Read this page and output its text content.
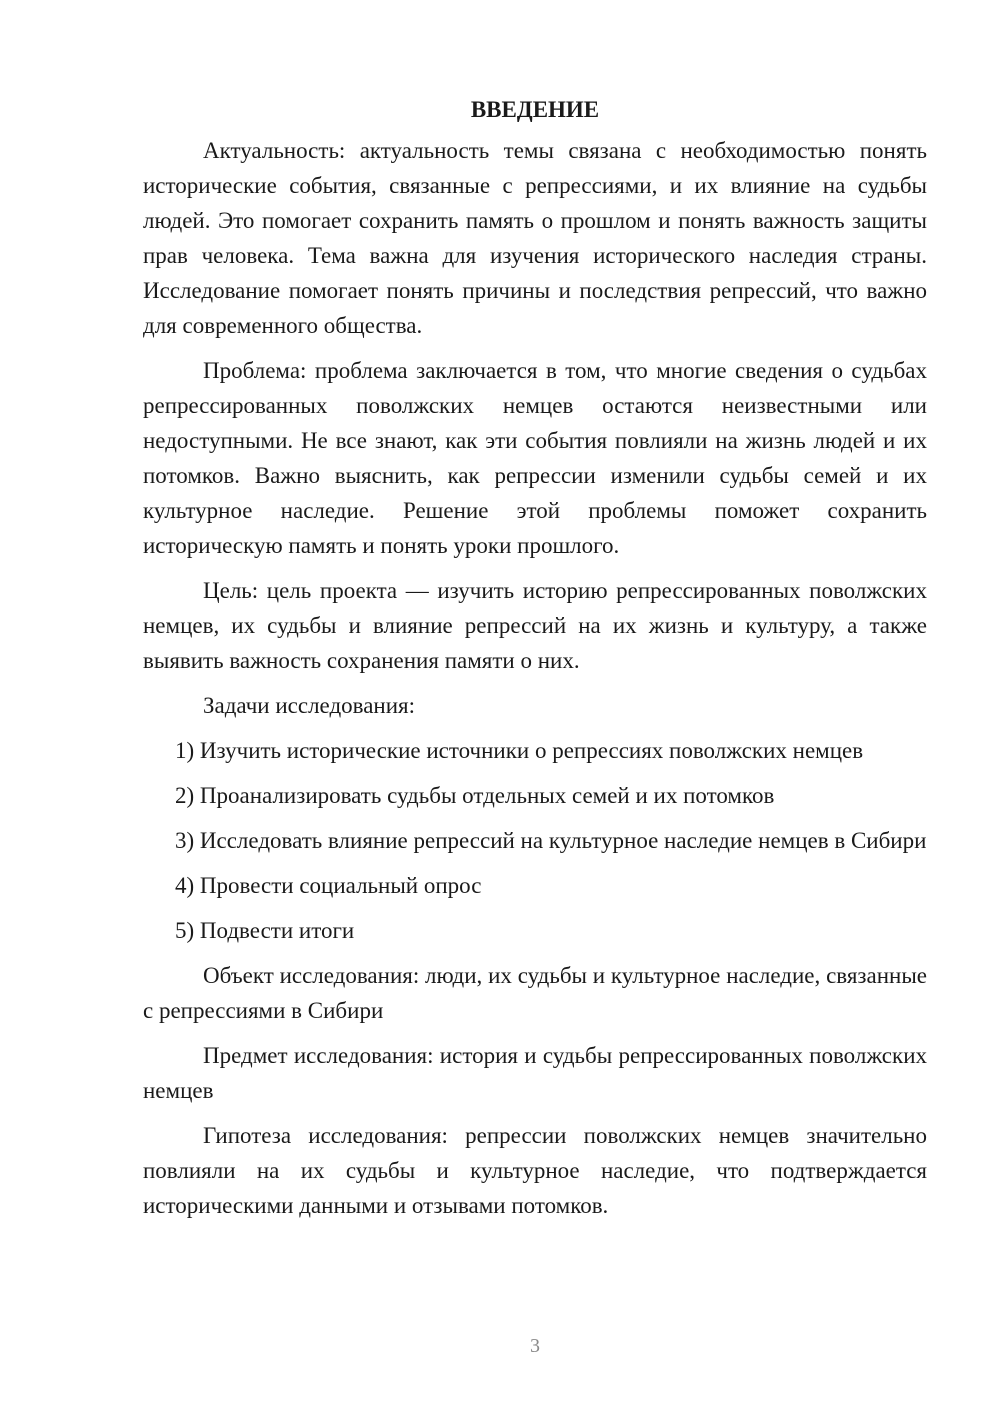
ВВЕДЕНИЕ

Актуальность: актуальность темы связана с необходимостью понять исторические события, связанные с репрессиями, и их влияние на судьбы людей. Это помогает сохранить память о прошлом и понять важность защиты прав человека. Тема важна для изучения исторического наследия страны. Исследование помогает понять причины и последствия репрессий, что важно для современного общества.

Проблема: проблема заключается в том, что многие сведения о судьбах репрессированных поволжских немцев остаются неизвестными или недоступными. Не все знают, как эти события повлияли на жизнь людей и их потомков. Важно выяснить, как репрессии изменили судьбы семей и их культурное наследие. Решение этой проблемы поможет сохранить историческую память и понять уроки прошлого.

Цель: цель проекта — изучить историю репрессированных поволжских немцев, их судьбы и влияние репрессий на их жизнь и культуру, а также выявить важность сохранения памяти о них.

Задачи исследования:

1) Изучить исторические источники о репрессиях поволжских немцев

2) Проанализировать судьбы отдельных семей и их потомков

3) Исследовать влияние репрессий на культурное наследие немцев в Сибири

4) Провести социальный опрос

5) Подвести итоги

Объект исследования: люди, их судьбы и культурное наследие, связанные с репрессиями в Сибири

Предмет исследования: история и судьбы репрессированных поволжских немцев

Гипотеза исследования: репрессии поволжских немцев значительно повлияли на их судьбы и культурное наследие, что подтверждается историческими данными и отзывами потомков.

3
